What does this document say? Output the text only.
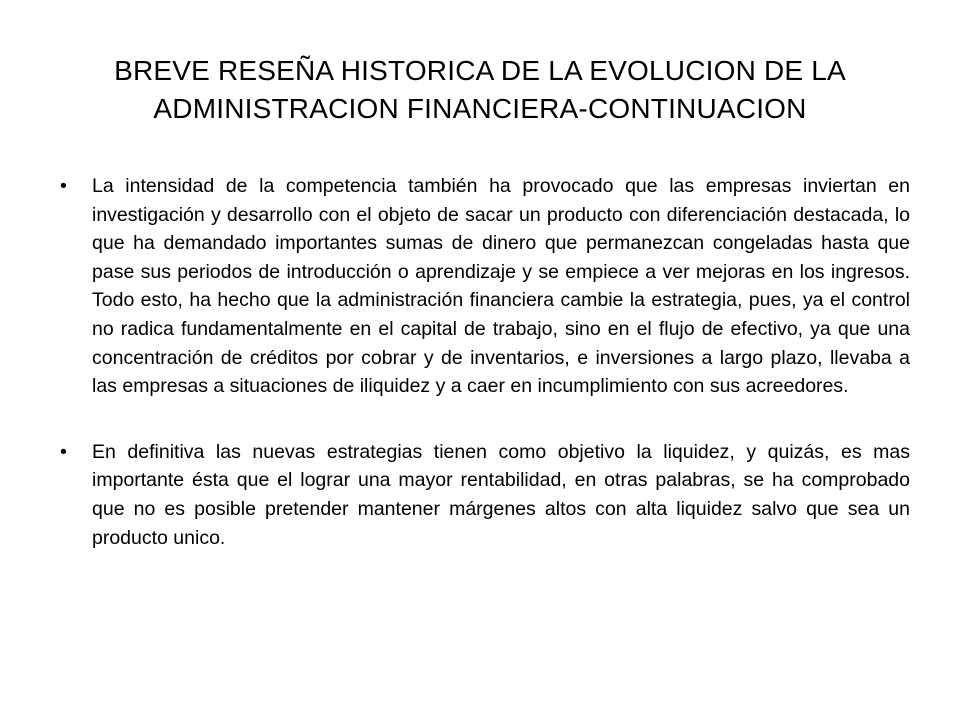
BREVE RESEÑA HISTORICA DE LA EVOLUCION DE LA ADMINISTRACION FINANCIERA-CONTINUACION
•	La intensidad de la competencia también ha provocado que las empresas inviertan en investigación y desarrollo con el objeto de sacar un producto con diferenciación destacada, lo que ha demandado importantes sumas de dinero que permanezcan congeladas hasta que pase sus periodos de introducción o aprendizaje y se empiece a ver mejoras en los ingresos. Todo esto, ha hecho que la administración financiera cambie la estrategia, pues, ya el control no radica fundamentalmente en el capital de trabajo, sino en el flujo de efectivo, ya que una concentración de créditos por cobrar y de inventarios, e inversiones a largo plazo, llevaba a las empresas a situaciones de iliquidez y a caer en incumplimiento con sus acreedores.
•	En definitiva las nuevas estrategias tienen como objetivo la liquidez, y quizás, es mas importante ésta que el lograr una mayor rentabilidad, en otras palabras, se ha comprobado que no es posible pretender mantener márgenes altos con alta liquidez salvo que sea un producto unico.
